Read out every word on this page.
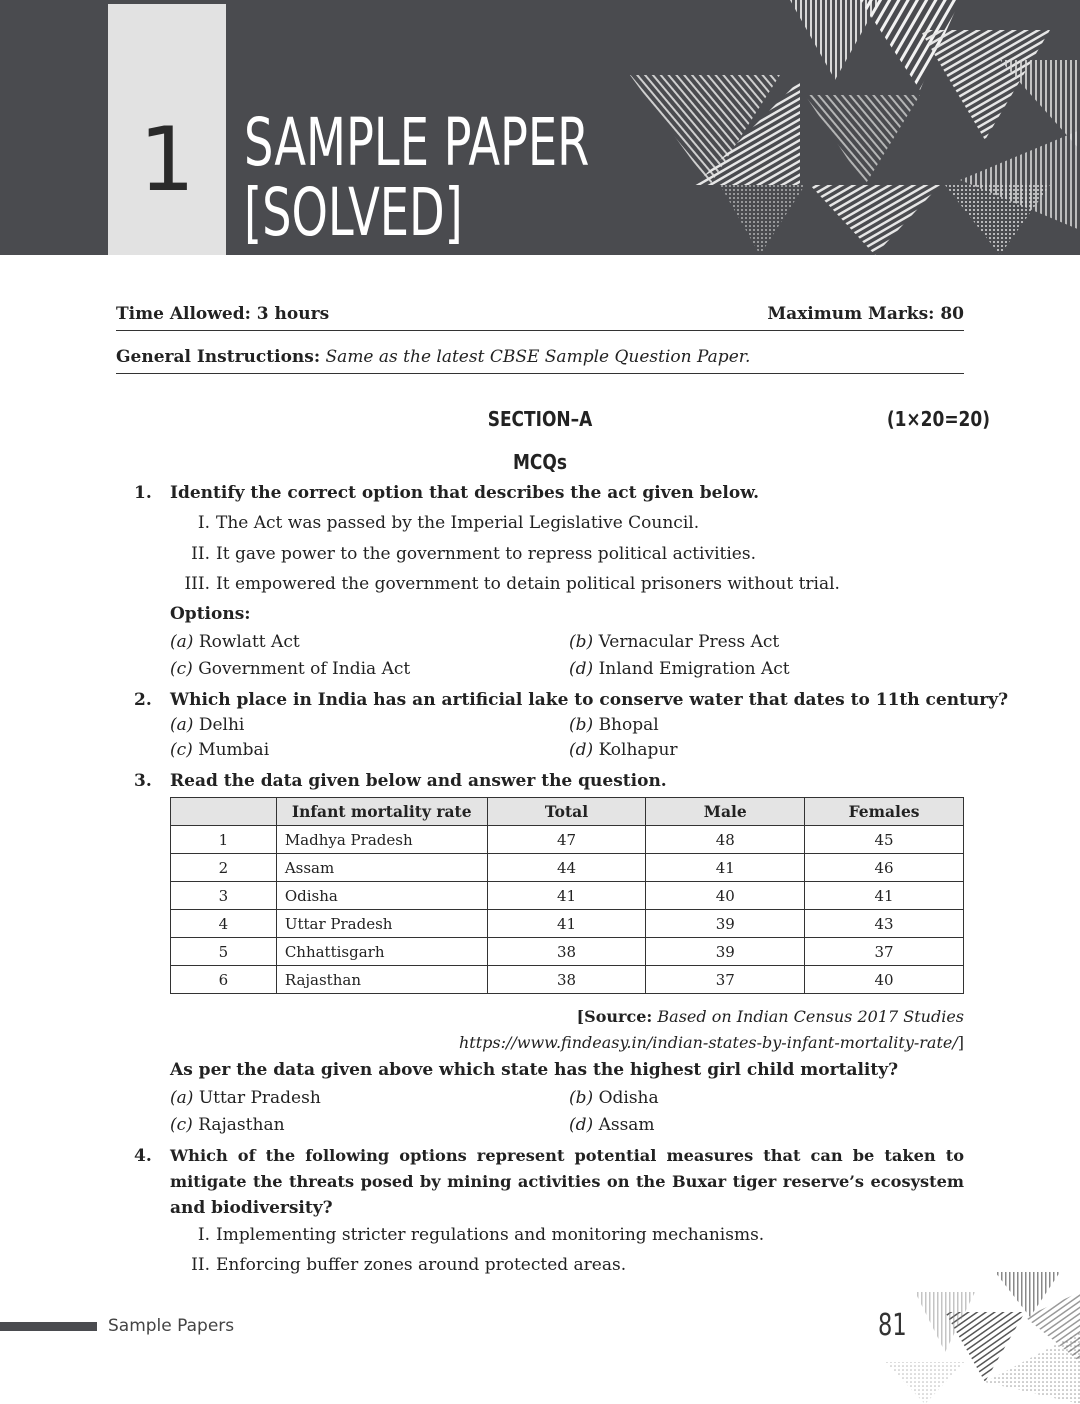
1 SAMPLE PAPER
[SOLVED]
Time Allowed: 3 hours	Maximum Marks: 80
General Instructions: Same as the latest CBSE Sample Question Paper.
SECTION–A	(1×20=20)
MCQs
1. Identify the correct option that describes the act given below.
I. The Act was passed by the Imperial Legislative Council.
II. It gave power to the government to repress political activities.
III. It empowered the government to detain political prisoners without trial.
Options:
(a) Rowlatt Act	(b) Vernacular Press Act
(c) Government of India Act	(d) Inland Emigration Act
2. Which place in India has an artificial lake to conserve water that dates to 11th century?
(a) Delhi	(b) Bhopal
(c) Mumbai	(d) Kolhapur
3. Read the data given below and answer the question.
	Infant mortality rate	Total	Male	Females
1	Madhya Pradesh	47	48	45
2	Assam	44	41	46
3	Odisha	41	40	41
4	Uttar Pradesh	41	39	43
5	Chhattisgarh	38	39	37
6	Rajasthan	38	37	40
[Source: Based on Indian Census 2017 Studies
https://www.findeasy.in/indian-states-by-infant-mortality-rate/]
As per the data given above which state has the highest girl child mortality?
(a) Uttar Pradesh	(b) Odisha
(c) Rajasthan	(d) Assam
4. Which of the following options represent potential measures that can be taken to
mitigate the threats posed by mining activities on the Buxar tiger reserve’s ecosystem
and biodiversity?
I. Implementing stricter regulations and monitoring mechanisms.
II. Enforcing buffer zones around protected areas.
Sample Papers	81
